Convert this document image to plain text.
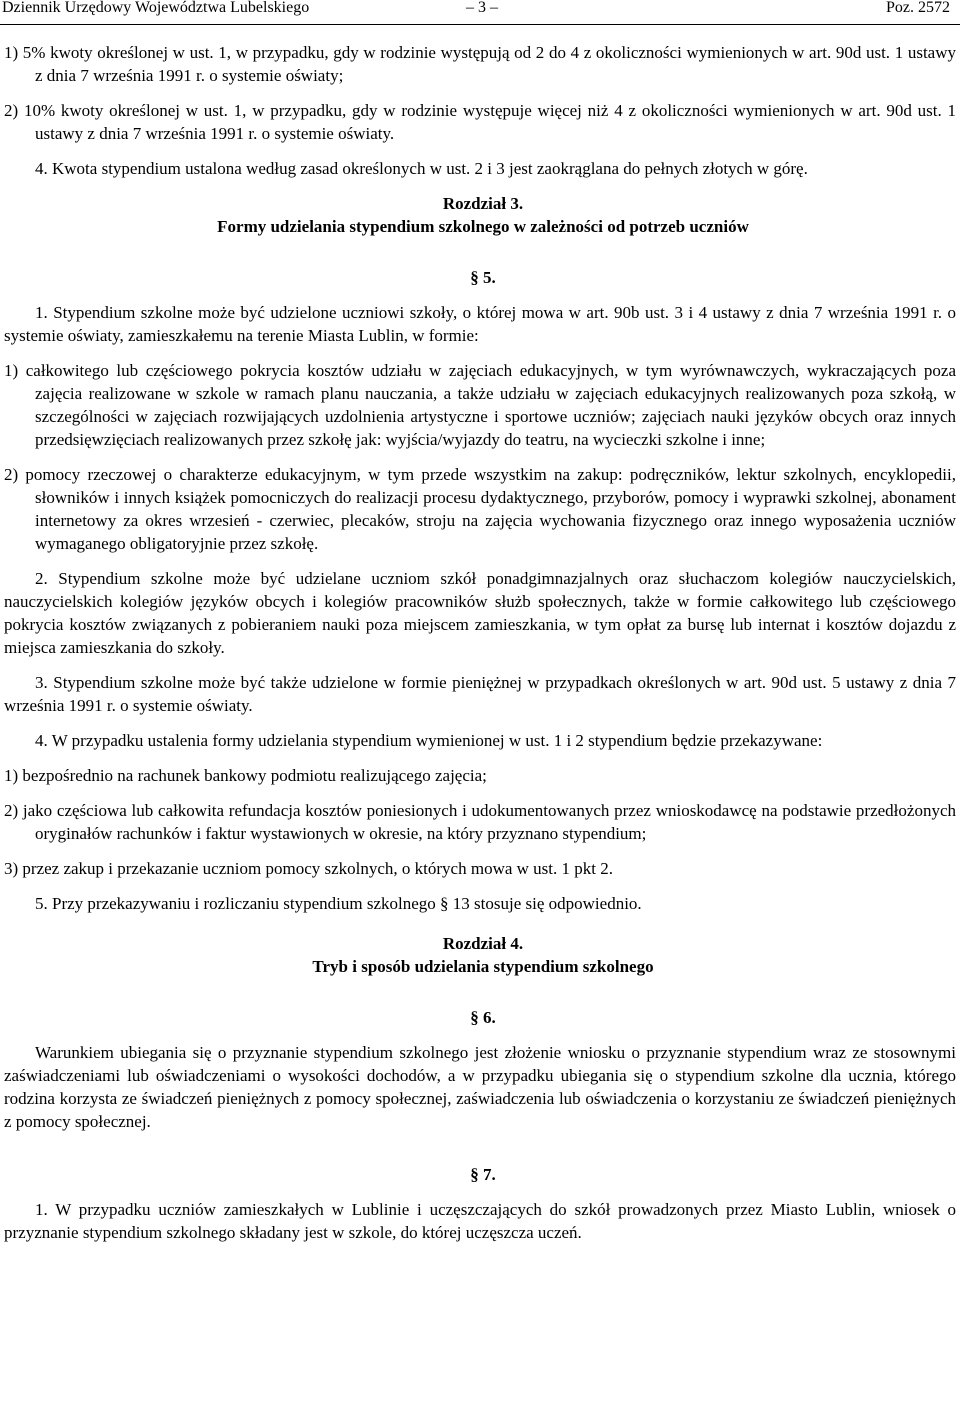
Dziennik Urzędowy Województwa Lubelskiego	– 3 –	Poz. 2572

1) 5% kwoty określonej w ust. 1, w przypadku, gdy w rodzinie występują od 2 do 4 z okoliczności wymienionych w art. 90d ust. 1 ustawy z dnia 7 września 1991 r. o systemie oświaty;

2) 10% kwoty określonej w ust. 1, w przypadku, gdy w rodzinie występuje więcej niż 4 z okoliczności wymienionych w art. 90d ust. 1 ustawy z dnia 7 września 1991 r. o systemie oświaty.

4. Kwota stypendium ustalona według zasad określonych w ust. 2 i 3 jest zaokrąglana do pełnych złotych w górę.

Rozdział 3.

Formy udzielania stypendium szkolnego w zależności od potrzeb uczniów

§ 5.

1. Stypendium szkolne może być udzielone uczniowi szkoły, o której mowa w art. 90b ust. 3 i 4 ustawy z dnia 7 września 1991 r. o systemie oświaty, zamieszkałemu na terenie Miasta Lublin, w formie:

1) całkowitego lub częściowego pokrycia kosztów udziału w zajęciach edukacyjnych, w tym wyrównawczych, wykraczających poza zajęcia realizowane w szkole w ramach planu nauczania, a także udziału w zajęciach edukacyjnych realizowanych poza szkołą, w szczególności w zajęciach rozwijających uzdolnienia artystyczne i sportowe uczniów; zajęciach nauki języków obcych oraz innych przedsięwzięciach realizowanych przez szkołę jak: wyjścia/wyjazdy do teatru, na wycieczki szkolne i inne;

2) pomocy rzeczowej o charakterze edukacyjnym, w tym przede wszystkim na zakup: podręczników, lektur szkolnych, encyklopedii, słowników i innych książek pomocniczych do realizacji procesu dydaktycznego, przyborów, pomocy i wyprawki szkolnej, abonament internetowy za okres wrzesień - czerwiec, plecaków, stroju na zajęcia wychowania fizycznego oraz innego wyposażenia uczniów wymaganego obligatoryjnie przez szkołę.

2. Stypendium szkolne może być udzielane uczniom szkół ponadgimnazjalnych oraz słuchaczom kolegiów nauczycielskich, nauczycielskich kolegiów języków obcych i kolegiów pracowników służb społecznych, także w formie całkowitego lub częściowego pokrycia kosztów związanych z pobieraniem nauki poza miejscem zamieszkania, w tym opłat za bursę lub internat i kosztów dojazdu z miejsca zamieszkania do szkoły.

3. Stypendium szkolne może być także udzielone w formie pieniężnej w przypadkach określonych w art. 90d ust. 5 ustawy z dnia 7 września 1991 r. o systemie oświaty.

4. W przypadku ustalenia formy udzielania stypendium wymienionej w ust. 1 i 2 stypendium będzie przekazywane:

1) bezpośrednio na rachunek bankowy podmiotu realizującego zajęcia;

2) jako częściowa lub całkowita refundacja kosztów poniesionych i udokumentowanych przez wnioskodawcę na podstawie przedłożonych oryginałów rachunków i faktur wystawionych w okresie, na który przyznano stypendium;

3) przez zakup i przekazanie uczniom pomocy szkolnych, o których mowa w ust. 1 pkt 2.

5. Przy przekazywaniu i rozliczaniu stypendium szkolnego § 13 stosuje się odpowiednio.

Rozdział 4.

Tryb i sposób udzielania stypendium szkolnego

§ 6.

Warunkiem ubiegania się o przyznanie stypendium szkolnego jest złożenie wniosku o przyznanie stypendium wraz ze stosownymi zaświadczeniami lub oświadczeniami o wysokości dochodów, a w przypadku ubiegania się o stypendium szkolne dla ucznia, którego rodzina korzysta ze świadczeń pieniężnych z pomocy społecznej, zaświadczenia lub oświadczenia o korzystaniu ze świadczeń pieniężnych z pomocy społecznej.

§ 7.

1. W przypadku uczniów zamieszkałych w Lublinie i uczęszczających do szkół prowadzonych przez Miasto Lublin, wniosek o przyznanie stypendium szkolnego składany jest w szkole, do której uczęszcza uczeń.
